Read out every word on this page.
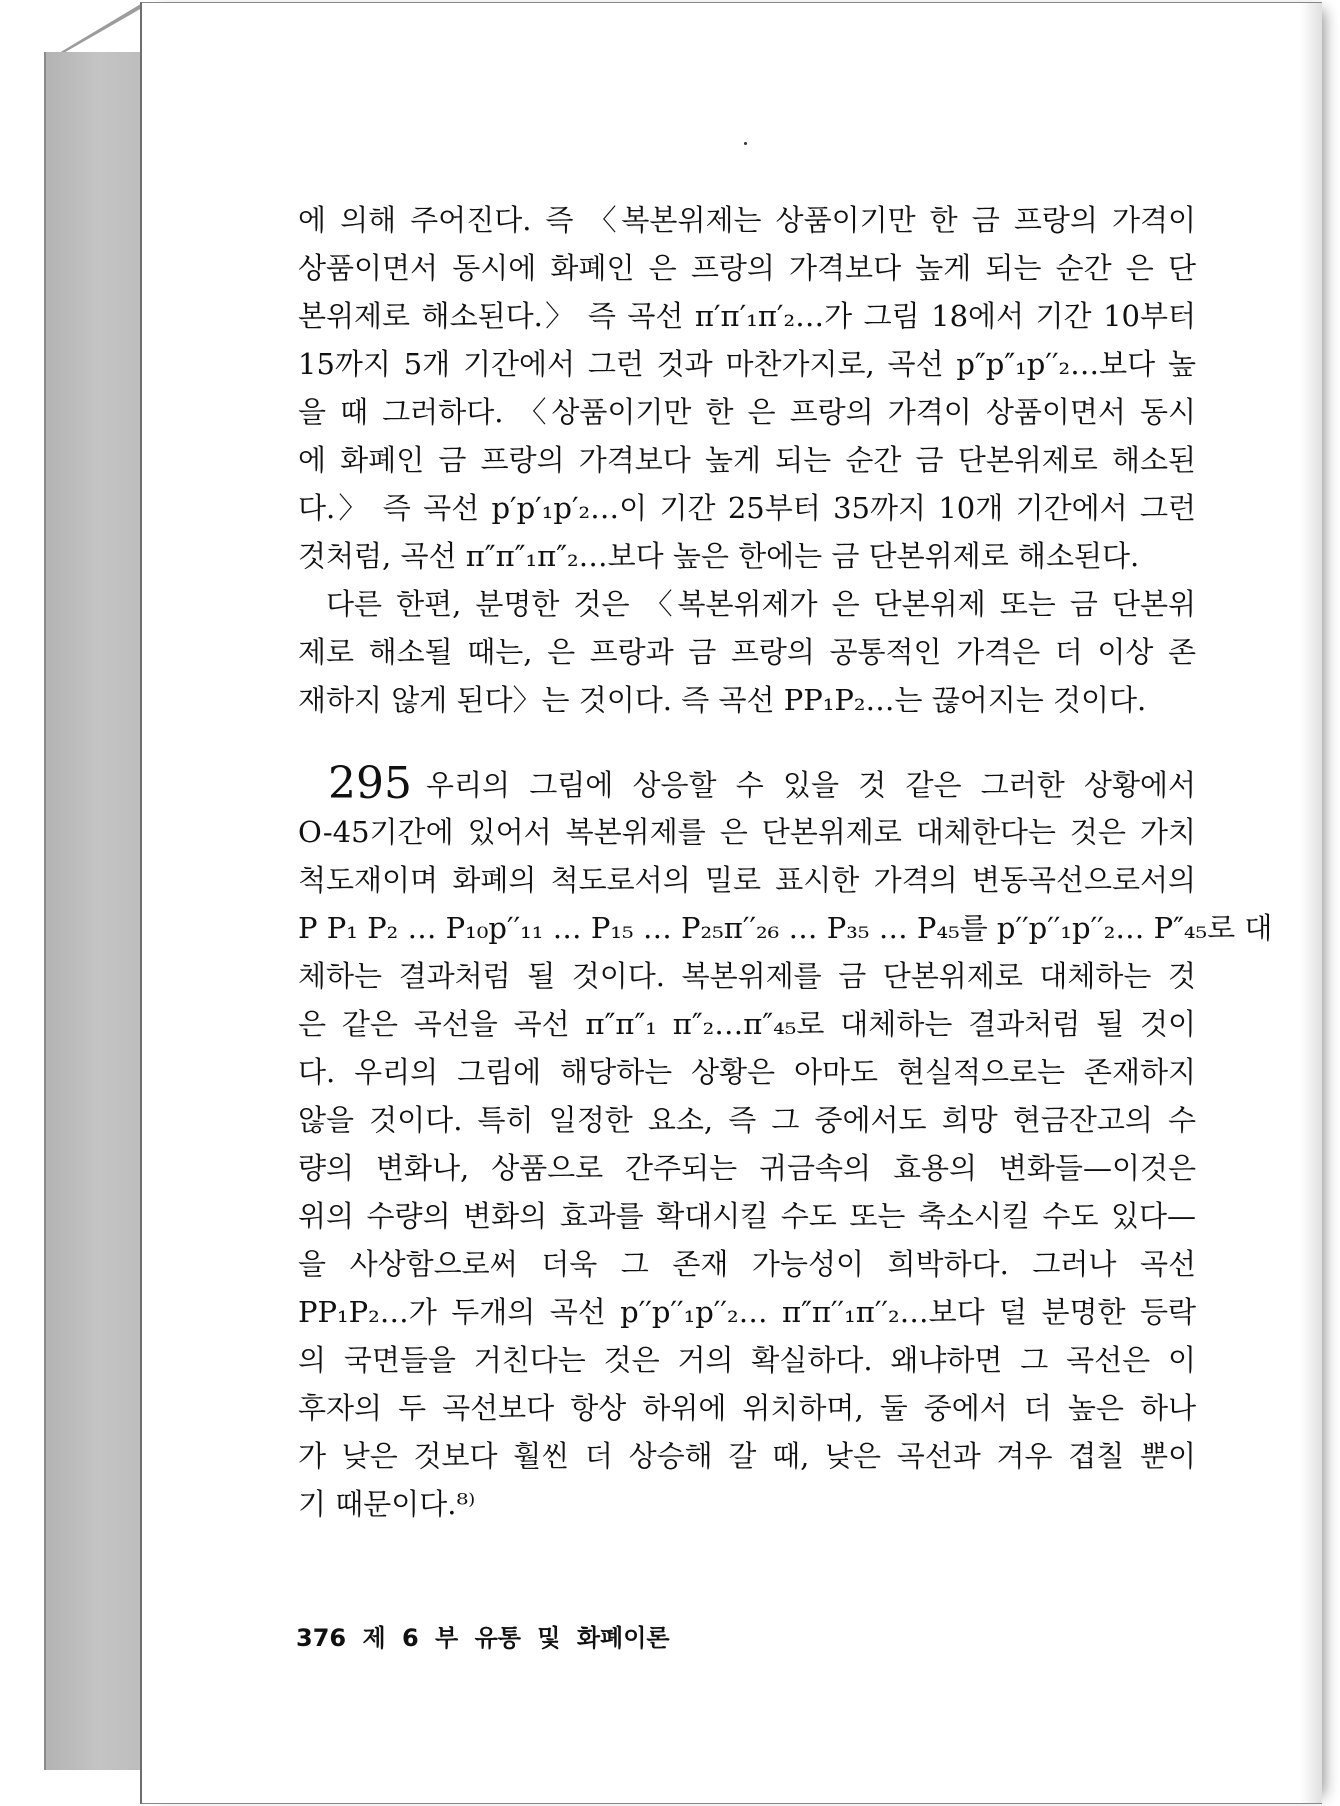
에 의해 주어진다. 즉 〈복본위제는 상품이기만 한 금 프랑의 가격이
상품이면서 동시에 화폐인 은 프랑의 가격보다 높게 되는 순간 은 단
본위제로 해소된다.〉 즉 곡선 π′π′₁π′₂…가 그림 18에서 기간 10부터
15까지 5개 기간에서 그런 것과 마찬가지로, 곡선 p″p″₁p′′₂…보다 높
을 때 그러하다. 〈상품이기만 한 은 프랑의 가격이 상품이면서 동시
에 화폐인 금 프랑의 가격보다 높게 되는 순간 금 단본위제로 해소된
다.〉 즉 곡선 p′p′₁p′₂…이 기간 25부터 35까지 10개 기간에서 그런
것처럼, 곡선 π″π″₁π″₂…보다 높은 한에는 금 단본위제로 해소된다.
다른 한편, 분명한 것은 〈복본위제가 은 단본위제 또는 금 단본위
제로 해소될 때는, 은 프랑과 금 프랑의 공통적인 가격은 더 이상 존
재하지 않게 된다〉는 것이다. 즉 곡선 PP₁P₂…는 끊어지는 것이다.
295 우리의 그림에 상응할 수 있을 것 같은 그러한 상황에서
O-45기간에 있어서 복본위제를 은 단본위제로 대체한다는 것은 가치
척도재이며 화폐의 척도로서의 밀로 표시한 가격의 변동곡선으로서의
P P₁ P₂ … P₁₀p′′₁₁ … P₁₅ … P₂₅π′′₂₆ … P₃₅ … P₄₅를 p′′p′′₁p′′₂… P″₄₅로 대
체하는 결과처럼 될 것이다. 복본위제를 금 단본위제로 대체하는 것
은 같은 곡선을 곡선 π″π″₁ π″₂…π″₄₅로 대체하는 결과처럼 될 것이
다. 우리의 그림에 해당하는 상황은 아마도 현실적으로는 존재하지
않을 것이다. 특히 일정한 요소, 즉 그 중에서도 희망 현금잔고의 수
량의 변화나, 상품으로 간주되는 귀금속의 효용의 변화들—이것은
위의 수량의 변화의 효과를 확대시킬 수도 또는 축소시킬 수도 있다—
을 사상함으로써 더욱 그 존재 가능성이 희박하다. 그러나 곡선
PP₁P₂…가 두개의 곡선 p′′p′′₁p′′₂… π″π′′₁π′′₂…보다 덜 분명한 등락
의 국면들을 거친다는 것은 거의 확실하다. 왜냐하면 그 곡선은 이
후자의 두 곡선보다 항상 하위에 위치하며, 둘 중에서 더 높은 하나
가 낮은 것보다 훨씬 더 상승해 갈 때, 낮은 곡선과 겨우 겹칠 뿐이
기 때문이다.⁸⁾
376 제 6 부 유통 및 화폐이론
